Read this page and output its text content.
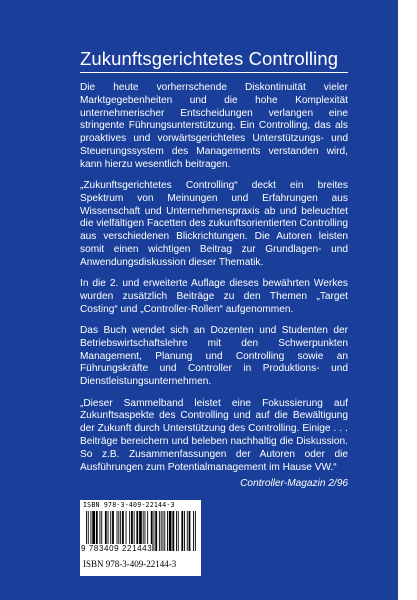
Zukunftsgerichtetes Controlling

Die heute vorherrschende Diskontinuität vieler Marktgegebenheiten und die hohe Komplexität unternehmerischer Entscheidungen verlangen eine stringente Führungsunterstützung. Ein Controlling, das als proaktives und vorwärtsgerichtetes Unterstützungs- und Steuerungssystem des Managements verstanden wird, kann hierzu wesentlich beitragen.

„Zukunftsgerichtetes Controlling“ deckt ein breites Spektrum von Meinungen und Erfahrungen aus Wissenschaft und Unternehmenspraxis ab und beleuchtet die vielfältigen Facetten des zukunftsorientierten Controlling aus verschiedenen Blickrichtungen. Die Autoren leisten somit einen wichtigen Beitrag zur Grundlagen- und Anwendungsdiskussion dieser Thematik.

In die 2. und erweiterte Auflage dieses bewährten Werkes wurden zusätzlich Beiträge zu den Themen „Target Costing“ und „Controller-Rollen“ aufgenommen.

Das Buch wendet sich an Dozenten und Studenten der Betriebswirtschaftslehre mit den Schwerpunkten Management, Planung und Controlling sowie an Führungskräfte und Controller in Produktions- und Dienstleistungsunternehmen.

„Dieser Sammelband leistet eine Fokussierung auf Zukunftsaspekte des Controlling und auf die Bewältigung der Zukunft durch Unterstützung des Controlling. Einige . . . Beiträge bereichern und beleben nachhaltig die Diskussion. So z.B. Zusammenfassungen der Autoren oder die Ausführungen zum Potentialmanagement im Hause VW.“

Controller-Magazin 2/96

ISBN 978-3-409-22144-3
9 783409 221443
ISBN 978-3-409-22144-3
